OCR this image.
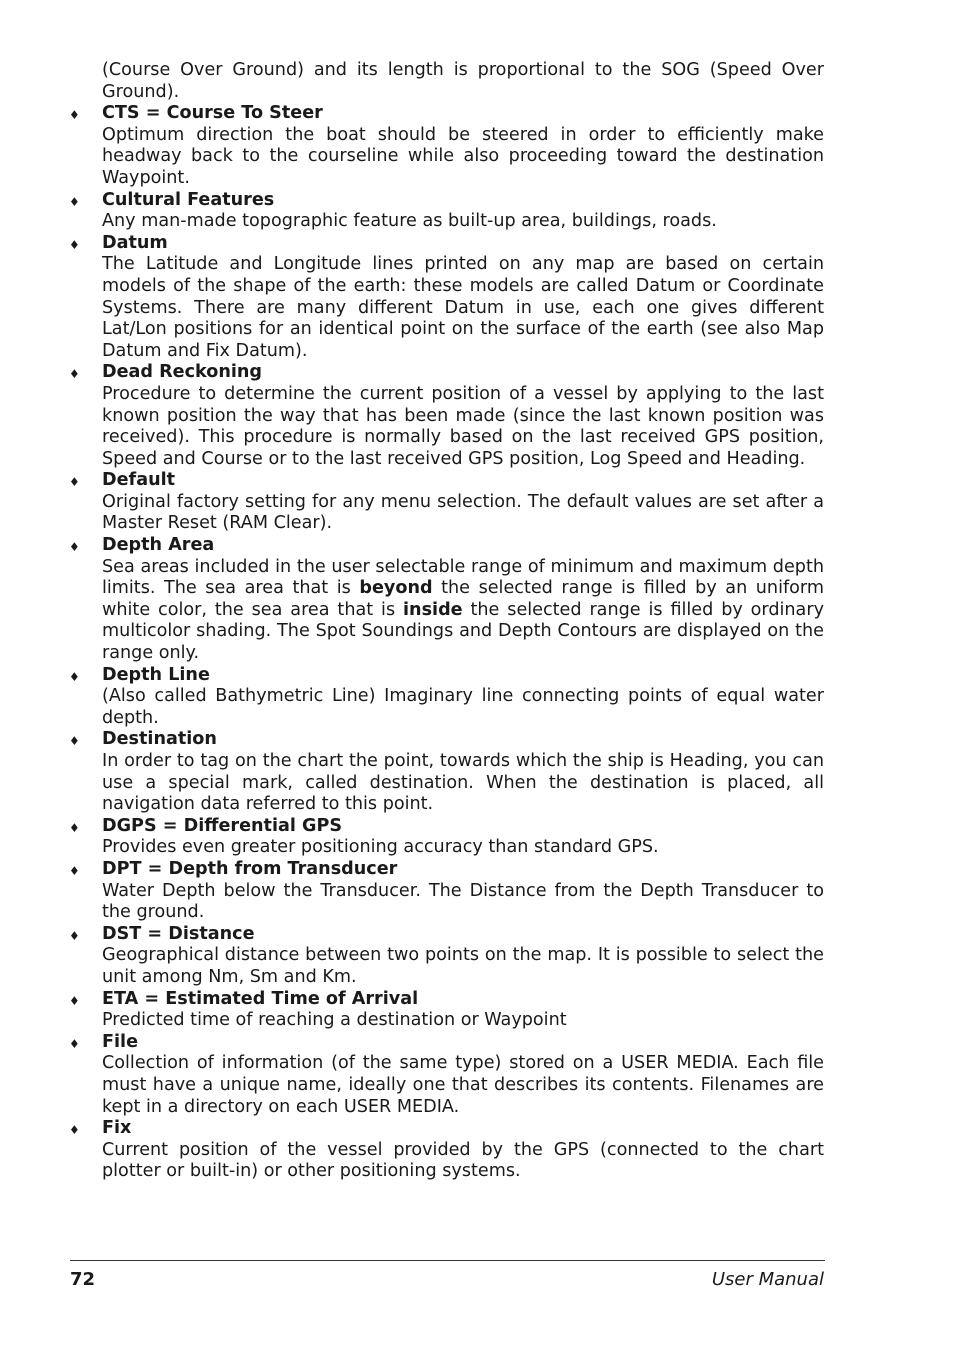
(Course Over Ground) and its length is proportional to the SOG (Speed Over Ground).
♦ CTS = Course To Steer
Optimum direction the boat should be steered in order to efficiently make headway back to the courseline while also proceeding toward the destination Waypoint.
♦ Cultural Features
Any man-made topographic feature as built-up area, buildings, roads.
♦ Datum
The Latitude and Longitude lines printed on any map are based on certain models of the shape of the earth: these models are called Datum or Coordinate Systems. There are many different Datum in use, each one gives different Lat/Lon positions for an identical point on the surface of the earth (see also Map Datum and Fix Datum).
♦ Dead Reckoning
Procedure to determine the current position of a vessel by applying to the last known position the way that has been made (since the last known position was received). This procedure is normally based on the last received GPS position, Speed and Course or to the last received GPS position, Log Speed and Heading.
♦ Default
Original factory setting for any menu selection. The default values are set after a Master Reset (RAM Clear).
♦ Depth Area
Sea areas included in the user selectable range of minimum and maximum depth limits. The sea area that is beyond the selected range is filled by an uniform white color, the sea area that is inside the selected range is filled by ordinary multicolor shading. The Spot Soundings and Depth Contours are displayed on the range only.
♦ Depth Line
(Also called Bathymetric Line) Imaginary line connecting points of equal water depth.
♦ Destination
In order to tag on the chart the point, towards which the ship is Heading, you can use a special mark, called destination. When the destination is placed, all navigation data referred to this point.
♦ DGPS = Differential GPS
Provides even greater positioning accuracy than standard GPS.
♦ DPT = Depth from Transducer
Water Depth below the Transducer. The Distance from the Depth Transducer to the ground.
♦ DST = Distance
Geographical distance between two points on the map. It is possible to select the unit among Nm, Sm and Km.
♦ ETA = Estimated Time of Arrival
Predicted time of reaching a destination or Waypoint
♦ File
Collection of information (of the same type) stored on a USER MEDIA. Each file must have a unique name, ideally one that describes its contents. Filenames are kept in a directory on each USER MEDIA.
♦ Fix
Current position of the vessel provided by the GPS (connected to the chart plotter or built-in) or other positioning systems.
72	User Manual
